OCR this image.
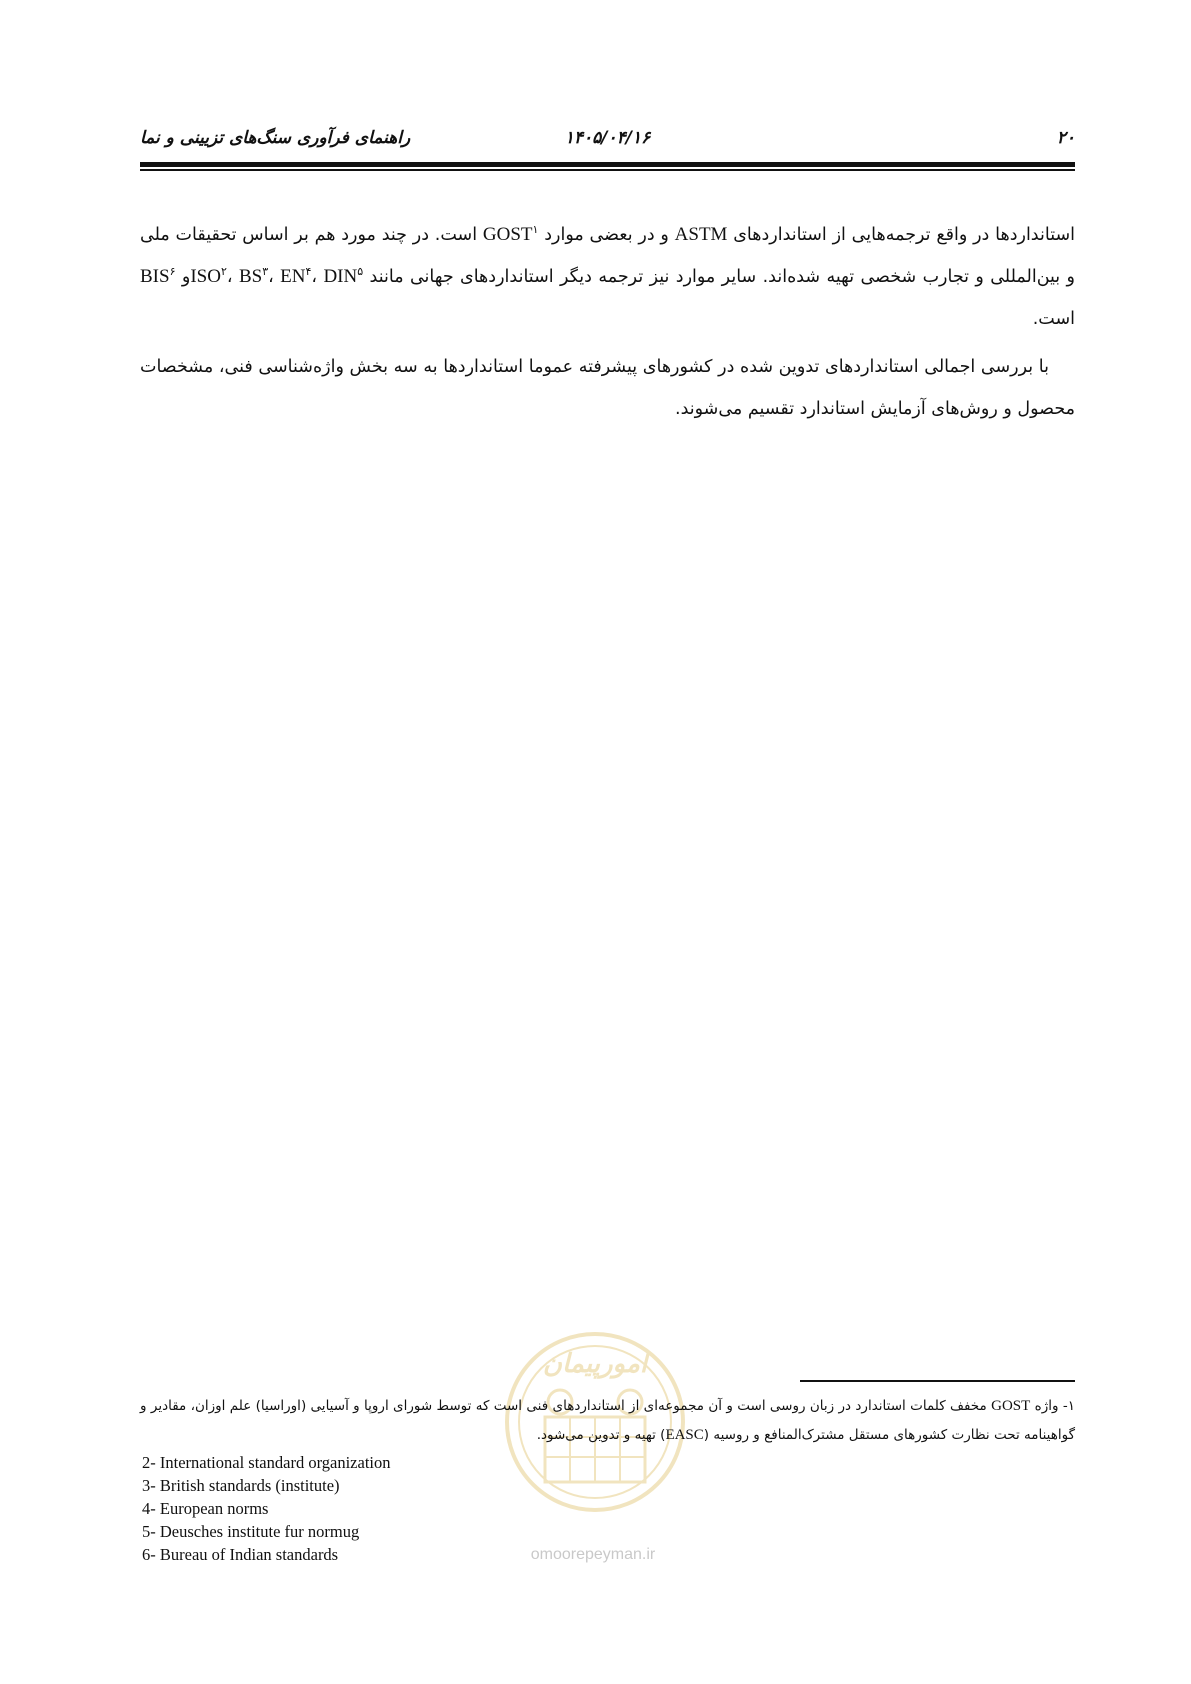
۲۰
۱۴۰۵/۰۴/۱۶
راهنمای فرآوری سنگ‌های تزیینی و نما

استانداردها در واقع ترجمه‌هایی از استانداردهای ASTM و در بعضی موارد GOST$^۱$ است. در چند مورد هم بر اساس تحقیقات ملی و بین‌المللی و تجارب شخصی تهیه شده‌اند. سایر موارد نیز ترجمه دیگر استانداردهای جهانی مانند ISO$^۲$، $BS^۳،$ $EN^۴،$ DIN$^۵$و BIS$^۶$ است.

با بررسی اجمالی استانداردهای تدوین شده در کشورهای پیشرفته عموما استانداردها به سه بخش واژه‌شناسی فنی، مشخصات محصول و روش‌های آزمایش استاندارد تقسیم می‌شوند.

امورپیمان
omoorepeyman.ir
۱- واژه GOST مخفف کلمات استاندارد در زبان روسی است و آن مجموعه‌ای از استانداردهای فنی است که توسط شورای اروپا و آسیایی (اوراسیا) علم اوزان، مقادیر و گواهینامه تحت نظارت کشورهای مستقل مشترک‌المنافع و روسیه (EASC) تهیه و تدوین می‌شود.
2- International standard organization
3- British standards (institute)
4- European norms
5- Deusches institute fur normug
6- Bureau of Indian standards
